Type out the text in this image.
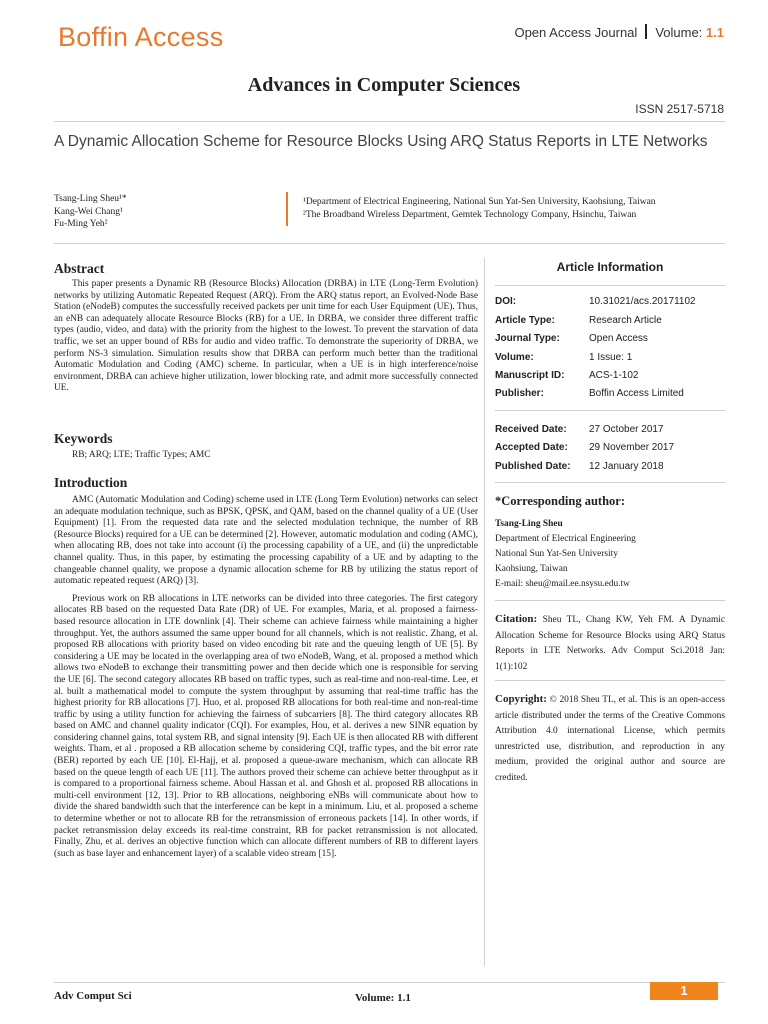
Boffin Access	Open Access Journal Volume: 1.1
Advances in Computer Sciences
ISSN 2517-5718
A Dynamic Allocation Scheme for Resource Blocks Using ARQ Status Reports in LTE Networks
Tsang-Ling Sheu¹*
Kang-Wei Chang¹
Fu-Ming Yeh²
¹Department of Electrical Engineering, National Sun Yat-Sen University, Kaohsiung, Taiwan
²The Broadband Wireless Department, Gemtek Technology Company, Hsinchu, Taiwan
Abstract

This paper presents a Dynamic RB (Resource Blocks) Allocation (DRBA) in LTE (Long-Term Evolution) networks by utilizing Automatic Repeated Request (ARQ). From the ARQ status report, an Evolved-Node Base Station (eNodeB) computes the successfully received packets per unit time for each User Equipment (UE). Thus, an eNB can adequately allocate Resource Blocks (RB) for a UE. In DRBA, we consider three different traffic types (audio, video, and data) with the priority from the highest to the lowest. To prevent the starvation of data traffic, we set an upper bound of RBs for audio and video traffic. To demonstrate the superiority of DRBA, we perform NS-3 simulation. Simulation results show that DRBA can perform much better than the traditional Automatic Modulation and Coding (AMC) scheme. In particular, when a UE is in high interference/noise environment, DRBA can achieve higher utilization, lower blocking rate, and admit more successfully connected UE.

Keywords

RB; ARQ; LTE; Traffic Types; AMC

Introduction

AMC (Automatic Modulation and Coding) scheme used in LTE (Long Term Evolution) networks can select an adequate modulation technique, such as BPSK, QPSK, and QAM, based on the channel quality of a UE (User Equipment) [1]. From the requested data rate and the selected modulation technique, the number of RB (Resource Blocks) required for a UE can be determined [2]. However, automatic modulation and coding (AMC), when allocating RB, does not take into account (i) the processing capability of a UE, and (ii) the unpredictable channel quality. Thus, in this paper, by estimating the processing capability of a UE and by adapting to the changeable channel quality, we propose a dynamic allocation scheme for RB by utilizing the status report of automatic repeated request (ARQ) [3].

Previous work on RB allocations in LTE networks can be divided into three categories. The first category allocates RB based on the requested Data Rate (DR) of UE. For examples, Maria, et al. proposed a fairness-based resource allocation in LTE downlink [4]. Their scheme can achieve fairness while maintaining a higher throughput. Yet, the authors assumed the same upper bound for all channels, which is not realistic. Zhang, et al. proposed RB allocations with priority based on video encoding bit rate and the queuing length of UE [5]. By considering a UE may be located in the overlapping area of two eNodeB, Wang, et al. proposed a method which allows two eNodeB to exchange their transmitting power and then decide which one is responsible for serving the UE [6]. The second category allocates RB based on traffic types, such as real-time and non-real-time. Lee, et al. built a mathematical model to compute the system throughput by assuming that real-time traffic has the highest priority for RB allocations [7]. Huo, et al. proposed RB allocations for both real-time and non-real-time traffic by using a utility function for achieving the fairness of subcarriers [8]. The third category allocates RB based on AMC and channel quality indicator (CQI). For examples, Hou, et al. derives a new SINR equation by considering channel gains, total system RB, and signal intensity [9]. Each UE is then allocated RB with different weights. Tham, et al . proposed a RB allocation scheme by considering CQI, traffic types, and the bit error rate (BER) reported by each UE [10]. El-Hajj, et al. proposed a queue-aware mechanism, which can allocate RB based on the queue length of each UE [11]. The authors proved their scheme can achieve better throughput as it is compared to a proportional fairness scheme. Aboul Hassan et al. and Ghosh et al. proposed RB allocations in multi-cell environment [12, 13]. Prior to RB allocations, neighboring eNBs will communicate about how to divide the shared bandwidth such that the interference can be kept in a minimum. Liu, et al. proposed a scheme to determine whether or not to allocate RB for the retransmission of erroneous packets [14]. In other words, if packet retransmission delay exceeds its real-time constraint, RB for packet retransmission is not allocated. Finally, Zhu, et al. derives an objective function which can allocate different numbers of RB to different layers (such as base layer and enhancement layer) of a scalable video stream [15].

Article Information
DOI:	10.31021/acs.20171102
Article Type:	Research Article
Journal Type:	Open Access
Volume:	1 Issue: 1
Manuscript ID: ACS-1-102
Publisher:	Boffin Access Limited
Received Date: 27 October 2017
Accepted Date: 29 November 2017
Published Date: 12 January 2018
*Corresponding author:
Tsang-Ling Sheu
Department of Electrical Engineering
National Sun Yat-Sen University
Kaohsiung, Taiwan
E-mail: sheu@mail.ee.nsysu.edu.tw
Citation: Sheu TL, Chang KW, Yeh FM. A Dynamic Allocation Scheme for Resource Blocks using ARQ Status Reports in LTE Networks. Adv Comput Sci.2018 Jan: 1(1):102
Copyright: © 2018 Sheu TL, et al. This is an open-access article distributed under the terms of the Creative Commons Attribution 4.0 international License, which permits unrestricted use, distribution, and reproduction in any medium, provided the original author and source are credited.
Adv Comput Sci	Volume: 1.1	1
